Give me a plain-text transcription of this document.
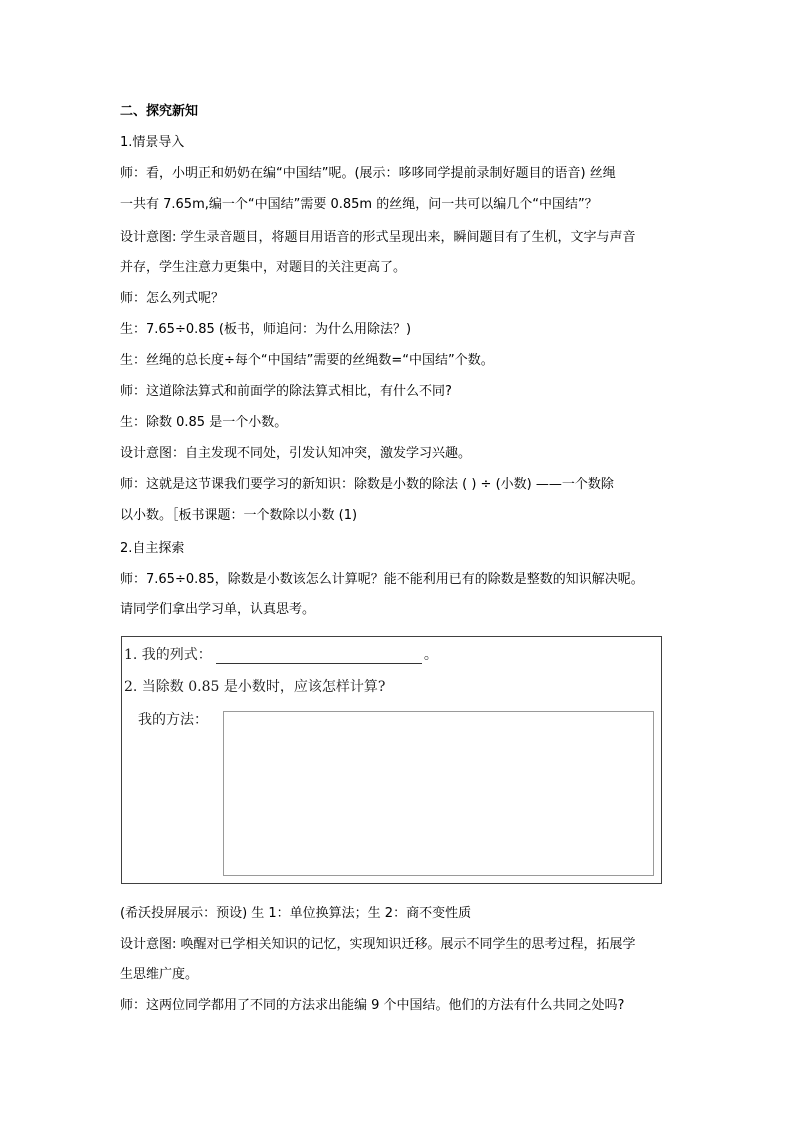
二、探究新知
1.情景导入
师：看，小明正和奶奶在编“中国结”呢。(展示：哆哆同学提前录制好题目的语音) 丝绳
一共有 7.65m,编一个“中国结”需要 0.85m 的丝绳，问一共可以编几个“中国结”？
设计意图: 学生录音题目，将题目用语音的形式呈现出来，瞬间题目有了生机，文字与声音
并存，学生注意力更集中，对题目的关注更高了。
师：怎么列式呢？
生：7.65÷0.85 (板书，师追问：为什么用除法？)
生：丝绳的总长度÷每个“中国结”需要的丝绳数=“中国结”个数。
师：这道除法算式和前面学的除法算式相比，有什么不同?
生：除数 0.85 是一个小数。
设计意图：自主发现不同处，引发认知冲突，激发学习兴趣。
师：这就是这节课我们要学习的新知识：除数是小数的除法 ( ) ÷ (小数) ——一个数除
以小数。［板书课题：一个数除以小数 (1)
2.自主探索
师：7.65÷0.85，除数是小数该怎么计算呢？能不能利用已有的除数是整数的知识解决呢。
请同学们拿出学习单，认真思考。
1. 我的列式：	。
2. 当除数 0.85 是小数时，应该怎样计算?
我的方法：
(希沃投屏展示：预设) 生 1：单位换算法；生 2：商不变性质
设计意图: 唤醒对已学相关知识的记忆，实现知识迁移。展示不同学生的思考过程，拓展学
生思维广度。
师：这两位同学都用了不同的方法求出能编 9 个中国结。他们的方法有什么共同之处吗?
